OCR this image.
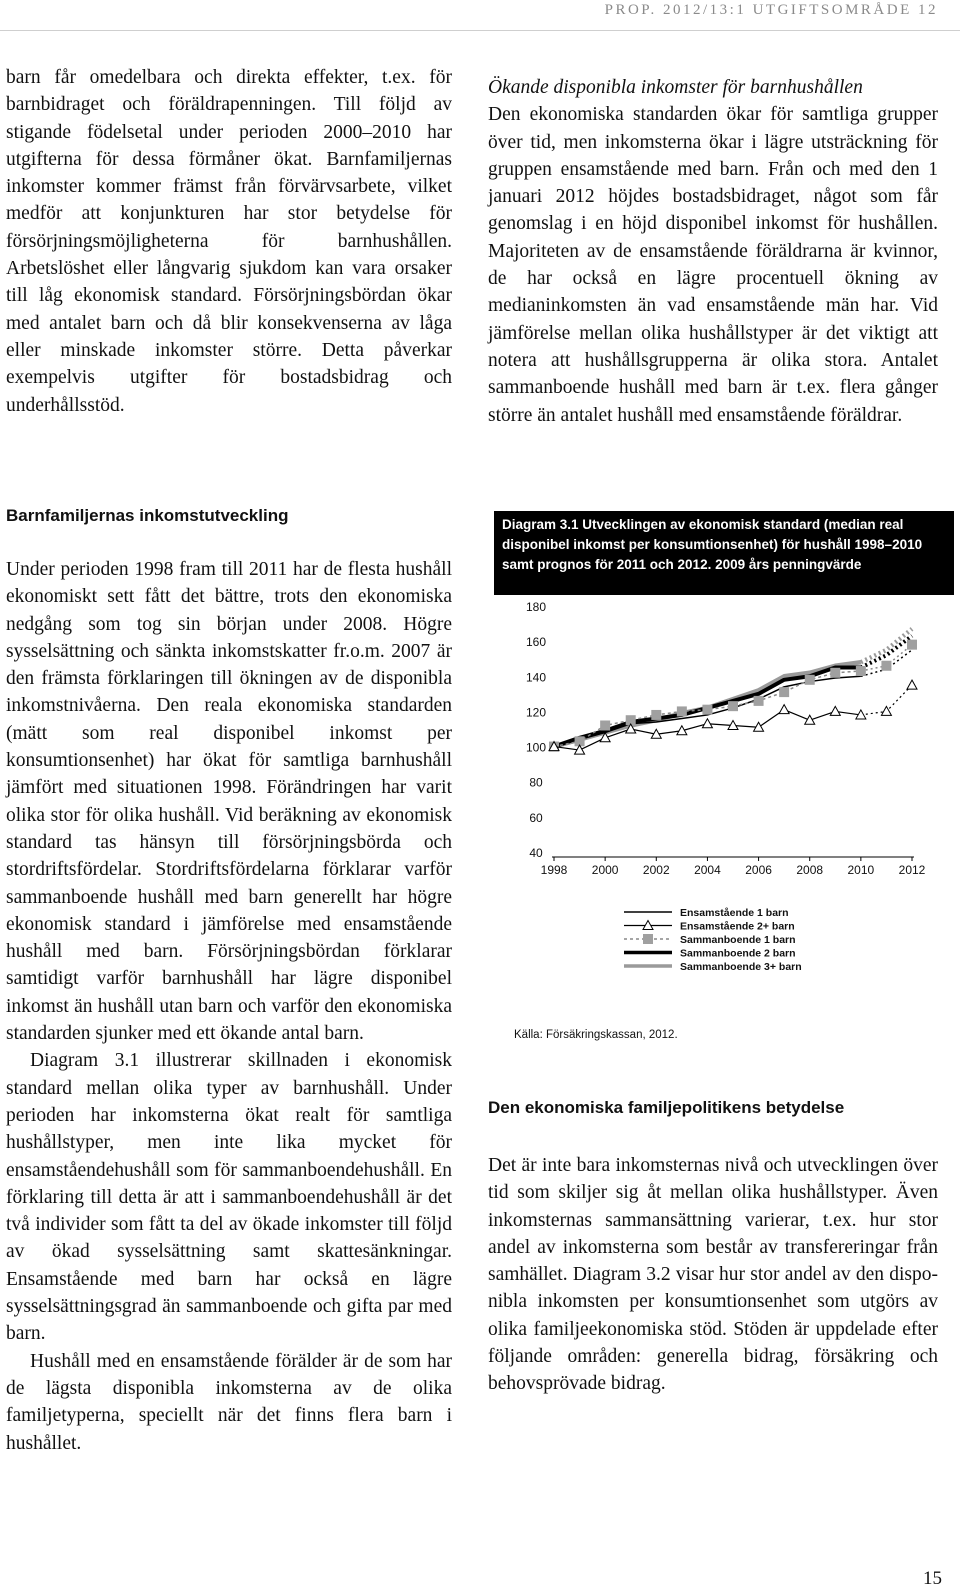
PROP. 2012/13:1 UTGIFTSOMRÅDE 12

barn får omedelbara och direkta effekter, t.ex. för barnbidraget och föräldrapenningen. Till följd av stigande födelsetal under perioden 2000–2010 har utgifterna för dessa förmåner ökat. Barnfamiljernas inkomster kommer främst från förvärvsarbete, vilket medför att konjunkturen har stor betydelse för försörjningsmöjligheterna för barnhushållen. Arbetslöshet eller långvarig sjukdom kan vara orsaker till låg ekonomisk standard. Försörjningsbördan ökar med antalet barn och då blir konsekvenserna av låga eller minskade inkomster större. Detta påverkar exempelvis utgifter för bostadsbidrag och underhållsstöd.

Barnfamiljernas inkomstutveckling

Under perioden 1998 fram till 2011 har de flesta hushåll ekonomiskt sett fått det bättre, trots den ekonomiska nedgång som tog sin början under 2008. Högre sysselsättning och sänkta inkomstskatter fr.o.m. 2007 är den främsta förklaringen till ökningen av de disponibla inkomstnivåerna. Den reala ekonomiska standarden (mätt som real disponibel inkomst per konsumtionsenhet) har ökat för samtliga barnhushåll jämfört med situationen 1998. Förändringen har varit olika stor för olika hushåll. Vid beräkning av ekonomisk standard tas hänsyn till försörjningsbörda och stordriftsfördelar. Stordriftsfördelarna förklarar varför sammanboende hushåll med barn generellt har högre ekonomisk standard i jämförelse med ensamstående hushåll med barn. Försörjningsbördan förklarar samtidigt varför barnhushåll har lägre disponibel inkomst än hushåll utan barn och varför den ekonomiska standarden sjunker med ett ökande antal barn.

Diagram 3.1 illustrerar skillnaden i ekonomisk standard mellan olika typer av barnhushåll. Under perioden har inkomsterna ökat realt för samtliga hushållstyper, men inte lika mycket för ensamståendehushåll som för sammanboendehushåll. En förklaring till detta är att i sammanboendehushåll är det två individer som fått ta del av ökade inkomster till följd av ökad sysselsättning samt skattesänkningar. Ensamstående med barn har också en lägre sysselsättningsgrad än sammanboende och gifta par med barn.

Hushåll med en ensamstående förälder är de som har de lägsta disponibla inkomsterna av de olika familjetyperna, speciellt när det finns flera barn i hushållet.

Ökande disponibla inkomster för barnhushållen

Den ekonomiska standarden ökar för samtliga grupper över tid, men inkomsterna ökar i lägre utsträckning för gruppen ensamstående med barn. Från och med den 1 januari 2012 höjdes bostadsbidraget, något som får genomslag i en höjd disponibel inkomst för hushållen. Majoriteten av de ensamstående föräldrarna är kvinnor, de har också en lägre procentuell ökning av medianinkomsten än vad ensamstående män har. Vid jämförelse mellan olika hushållstyper är det viktigt att notera att hushållsgrupperna är olika stora. Antalet sammanboende hushåll med barn är t.ex. flera gånger större än antalet hushåll med ensamstående föräldrar.

Diagram 3.1 Utvecklingen av ekonomisk standard (median real disponibel inkomst per konsumtionsenhet) för hushåll 1998–2010 samt prognos för 2011 och 2012. 2009 års penningvärde
40
60
80
100
120
140
160
180
1998 2000 2002 2004 2006 2008 2010 2012
Ensamstående 1 barn
Ensamstående 2+ barn
Sammanboende 1 barn
Sammanboende 2 barn
Sammanboende 3+ barn
Källa: Försäkringskassan, 2012.
Den ekonomiska familjepolitikens betydelse

Det är inte bara inkomsternas nivå och utvecklingen över tid som skiljer sig åt mellan olika hushållstyper. Även inkomsternas sammansättning varierar, t.ex. hur stor andel av inkomsterna som består av transfereringar från samhället. Diagram 3.2 visar hur stor andel av den disponibla inkomsten per konsumtionsenhet som utgörs av olika familjeekonomiska stöd. Stöden är uppdelade efter följande områden: generella bidrag, försäkring och behovsprövade bidrag.

15
